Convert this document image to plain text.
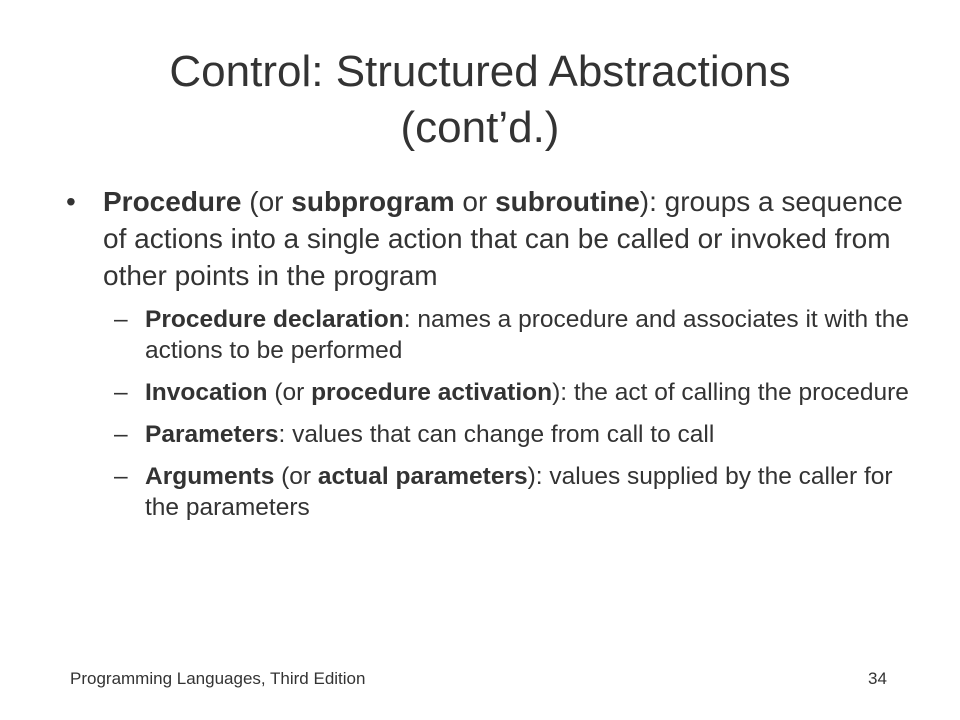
Control: Structured Abstractions
(cont’d.)
• Procedure (or subprogram or subroutine): groups a sequence of actions into a single action that can be called or invoked from other points in the program
– Procedure declaration: names a procedure and associates it with the actions to be performed
– Invocation (or procedure activation): the act of calling the procedure
– Parameters: values that can change from call to call
– Arguments (or actual parameters): values supplied by the caller for the parameters
Programming Languages, Third Edition	34
